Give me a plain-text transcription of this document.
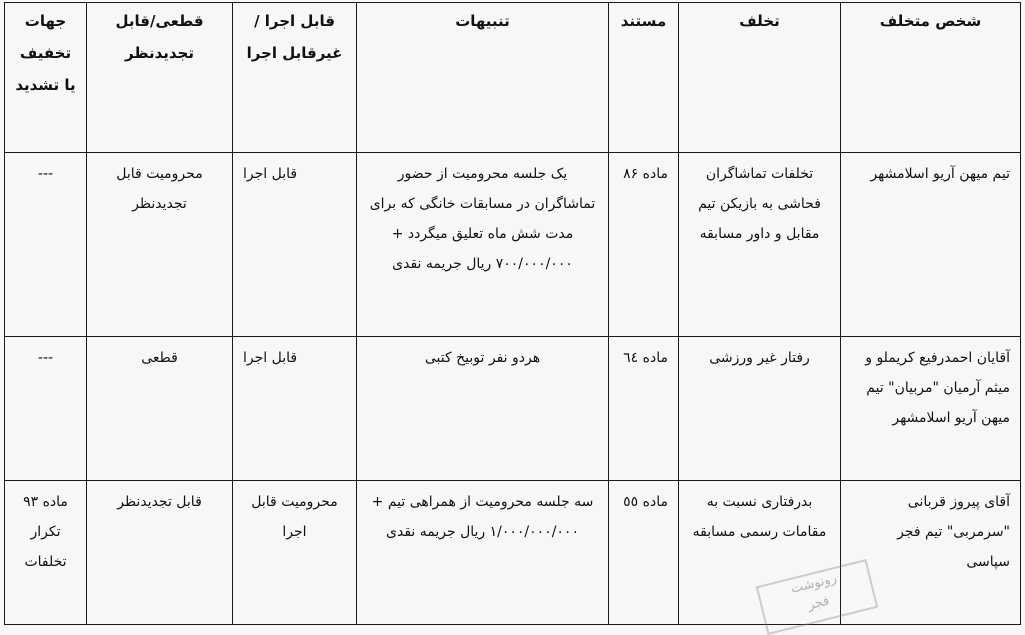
شخص متخلف	تخلف	مستند	تنبیهات	قابل اجرا /غیرقابل اجرا	قطعی/قابل تجدیدنظر	جهات تخفیف یا تشدید
تیم میهن آریو اسلامشهر	تخلفات تماشاگران فحاشی به بازیکن تیم مقابل و داور مسابقه	ماده ۸۶	یک جلسه محرومیت از حضور تماشاگران در مسابقات خانگی که برای مدت شش ماه تعلیق میگردد + ۷۰۰/۰۰۰/۰۰۰ ریال جریمه نقدی	قابل اجرا	محرومیت قابل تجدیدنظر	---
آقایان احمدرفیع کریملو و میثم آرمیان "مربیان" تیم میهن آریو اسلامشهر	رفتار غیر ورزشی	ماده ٦٤	هردو نفر توبیخ کتبی	قابل اجرا	قطعی	---
آقای پیروز قربانی "سرمربی" تیم فجر سپاسی	بدرفتاری نسبت به مقامات رسمی مسابقه	ماده ٥٥	سه جلسه محرومیت از همراهی تیم + ۱/۰۰۰/۰۰۰/۰۰۰ ریال جریمه نقدی	محرومیت قابل اجرا	قابل تجدیدنظر	ماده ۹۳ تکرار تخلفات
رونوشت
فجر
